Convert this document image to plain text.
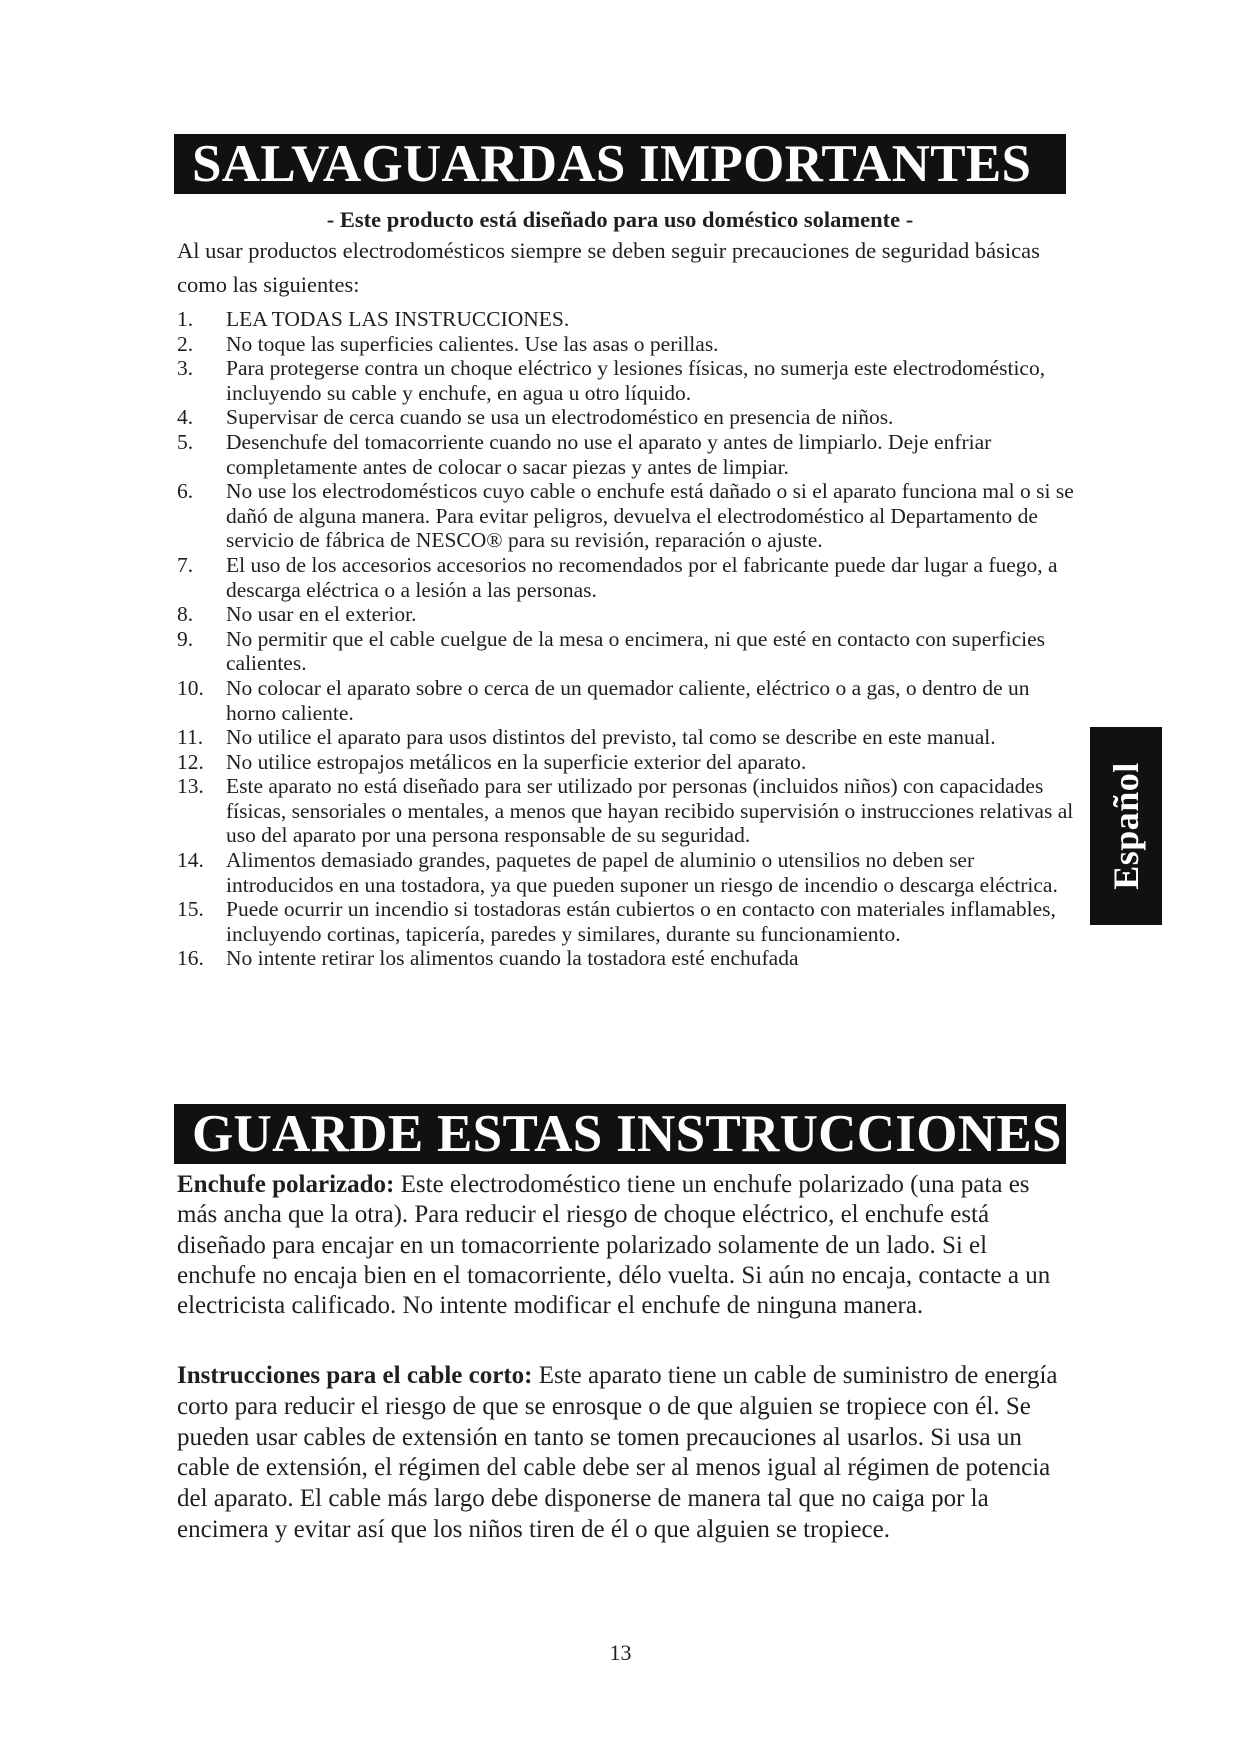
SALVAGUARDAS IMPORTANTES
- Este producto está diseñado para uso doméstico solamente -
Al usar productos electrodomésticos siempre se deben seguir precauciones de seguridad básicas como las siguientes:
1. LEA TODAS LAS INSTRUCCIONES.
2. No toque las superficies calientes. Use las asas o perillas.
3. Para protegerse contra un choque eléctrico y lesiones físicas, no sumerja este electrodoméstico, incluyendo su cable y enchufe, en agua u otro líquido.
4. Supervisar de cerca cuando se usa un electrodoméstico en presencia de niños.
5. Desenchufe del tomacorriente cuando no use el aparato y antes de limpiarlo. Deje enfriar completamente antes de colocar o sacar piezas y antes de limpiar.
6. No use los electrodomésticos cuyo cable o enchufe está dañado o si el aparato funciona mal o si se dañó de alguna manera. Para evitar peligros, devuelva el electrodoméstico al Departamento de servicio de fábrica de NESCO® para su revisión, reparación o ajuste.
7. El uso de los accesorios accesorios no recomendados por el fabricante puede dar lugar a fuego, a descarga eléctrica o a lesión a las personas.
8. No usar en el exterior.
9. No permitir que el cable cuelgue de la mesa o encimera, ni que esté en contacto con superficies calientes.
10. No colocar el aparato sobre o cerca de un quemador caliente, eléctrico o a gas, o dentro de un horno caliente.
11. No utilice el aparato para usos distintos del previsto, tal como se describe en este manual.
12. No utilice estropajos metálicos en la superficie exterior del aparato.
13. Este aparato no está diseñado para ser utilizado por personas (incluidos niños) con capacidades físicas, sensoriales o mentales, a menos que hayan recibido supervisión o instrucciones relativas al uso del aparato por una persona responsable de su seguridad.
14. Alimentos demasiado grandes, paquetes de papel de aluminio o utensilios no deben ser introducidos en una tostadora, ya que pueden suponer un riesgo de incendio o descarga eléctrica.
15. Puede ocurrir un incendio si tostadoras están cubiertos o en contacto con materiales inflamables, incluyendo cortinas, tapicería, paredes y similares, durante su funcionamiento.
16. No intente retirar los alimentos cuando la tostadora esté enchufada
Español
GUARDE ESTAS INSTRUCCIONES

Enchufe polarizado: Este electrodoméstico tiene un enchufe polarizado (una pata es más ancha que la otra). Para reducir el riesgo de choque eléctrico, el enchufe está diseñado para encajar en un tomacorriente polarizado solamente de un lado. Si el enchufe no encaja bien en el tomacorriente, délo vuelta. Si aún no encaja, contacte a un electricista calificado. No intente modificar el enchufe de ninguna manera.

Instrucciones para el cable corto: Este aparato tiene un cable de suministro de energía corto para reducir el riesgo de que se enrosque o de que alguien se tropiece con él. Se pueden usar cables de extensión en tanto se tomen precauciones al usarlos. Si usa un cable de extensión, el régimen del cable debe ser al menos igual al régimen de potencia del aparato. El cable más largo debe disponerse de manera tal que no caiga por la encimera y evitar así que los niños tiren de él o que alguien se tropiece.

13
